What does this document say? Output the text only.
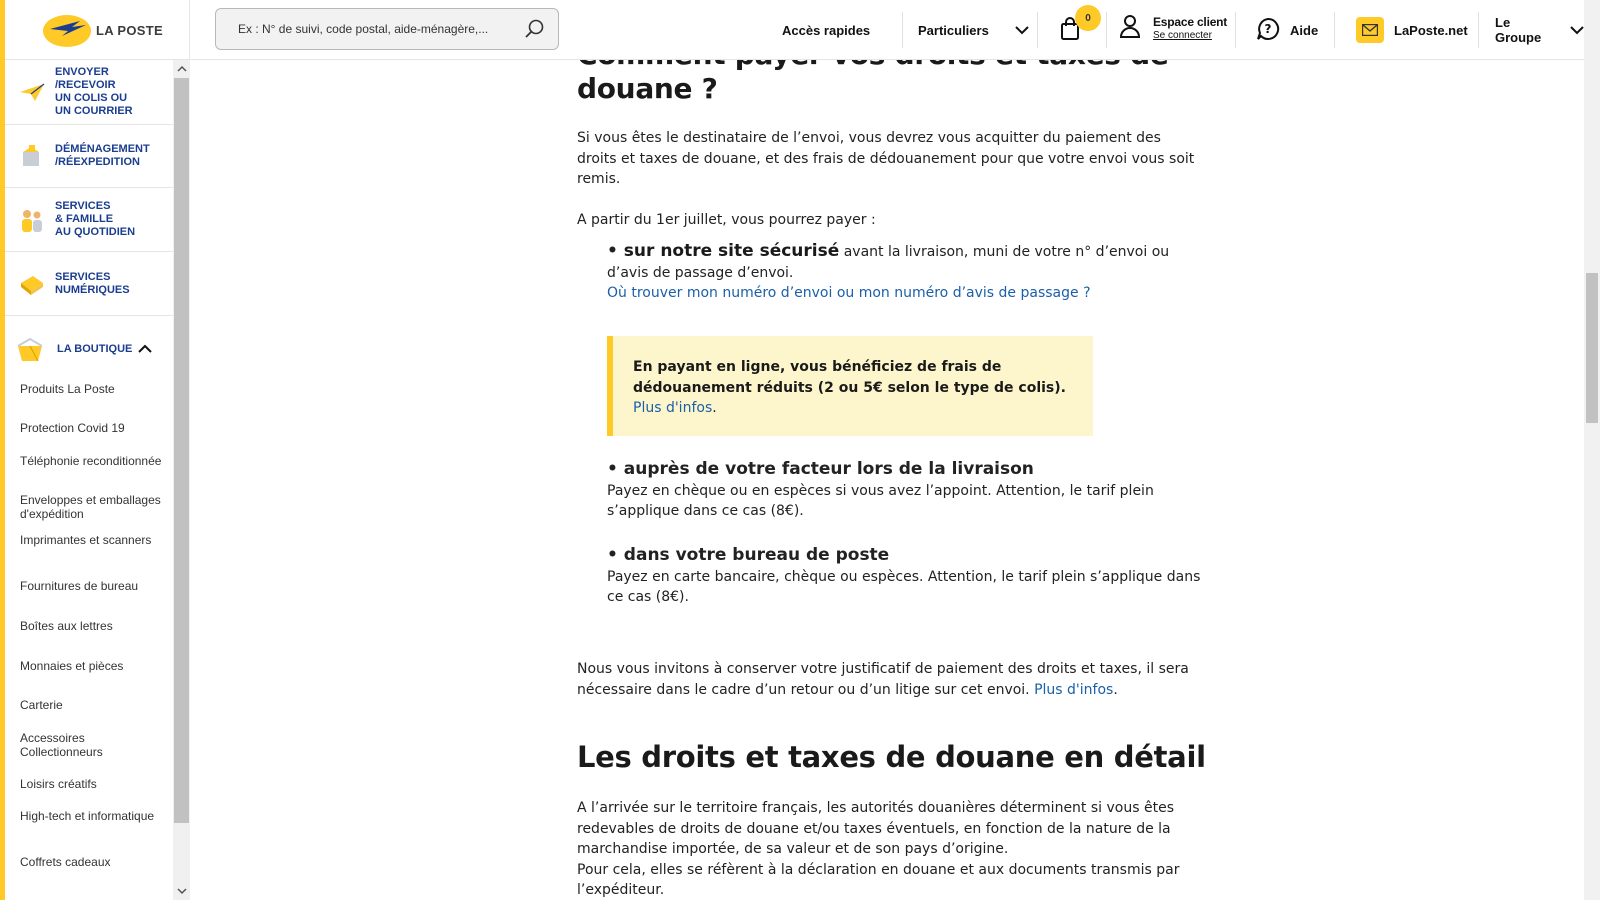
LA POSTE
Ex : N° de suivi, code postal, aide-ménagère,...	Accès rapides	Particuliers
0	Espace client
Se connecter	? Aide	LaPoste.net Le Groupe
ENVOYER
/RECEVOIR
UN COLIS OU
UN COURRIER
DÉMÉNAGEMENT
/RÉEXPEDITION
SERVICES
& FAMILLE
AU QUOTIDIEN
SERVICES
NUMÉRIQUES
LA BOUTIQUE
Produits La Poste
Protection Covid 19
Téléphonie reconditionnée
Enveloppes et emballages d'expédition
Imprimantes et scanners
Fournitures de bureau
Boîtes aux lettres
Monnaies et pièces
Carterie
Accessoires Collectionneurs
Loisirs créatifs
High-tech et informatique
Coffrets cadeaux
douane ?
Si vous êtes le destinataire de l’envoi, vous devrez vous acquitter du paiement des droits et taxes de douane, et des frais de dédouanement pour que votre envoi vous soit remis.
A partir du 1er juillet, vous pourrez payer :
• sur notre site sécurisé avant la livraison, muni de votre n° d’envoi ou d’avis de passage d’envoi.
Où trouver mon numéro d’envoi ou mon numéro d’avis de passage ?
En payant en ligne, vous bénéficiez de frais de dédouanement réduits (2 ou 5€ selon le type de colis).
Plus d'infos.
• auprès de votre facteur lors de la livraison
Payez en chèque ou en espèces si vous avez l’appoint. Attention, le tarif plein s’applique dans ce cas (8€).
• dans votre bureau de poste
Payez en carte bancaire, chèque ou espèces. Attention, le tarif plein s’applique dans ce cas (8€).
Nous vous invitons à conserver votre justificatif de paiement des droits et taxes, il sera nécessaire dans le cadre d’un retour ou d’un litige sur cet envoi. Plus d'infos.
Les droits et taxes de douane en détail
A l’arrivée sur le territoire français, les autorités douanières déterminent si vous êtes redevables de droits de douane et/ou taxes éventuels, en fonction de la nature de la marchandise importée, de sa valeur et de son pays d’origine.
Pour cela, elles se réfèrent à la déclaration en douane et aux documents transmis par l’expéditeur.
